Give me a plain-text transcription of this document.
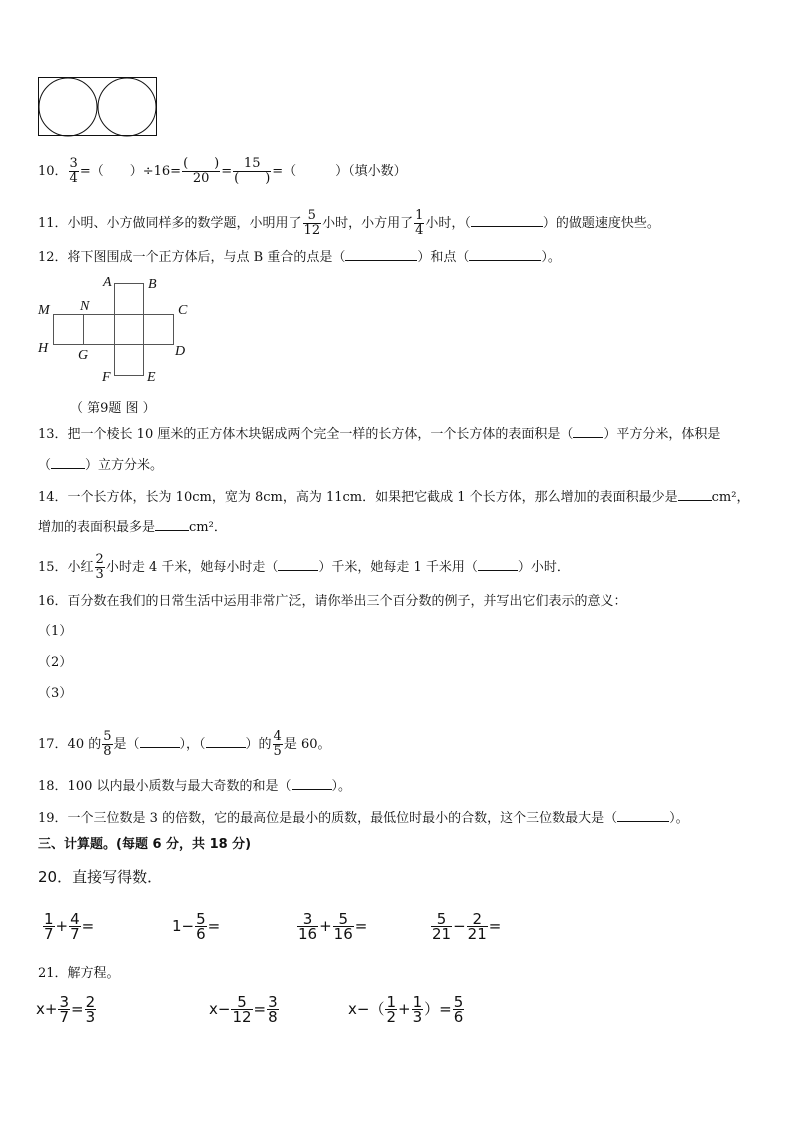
10． $\frac{3}{4}$ =（　　）$\div 16= \frac{( )}{20} = \frac{15}{( )}$ =（　　　）（填小数）
11．小明、小方做同样多的数学题，小明用了 $\frac{5}{12}$ 小时，小方用了 $\frac{1}{4}$ 小时，（	）的做题速度快些。
12．将下图围成一个正方体后，与点 B 重合的点是（	）和点（	）。
A	B
M N	C
H G	D
F	E
（ 第9题 图 ）
13．把一个棱长 10 厘米的正方体木块锯成两个完全一样的长方体，一个长方体的表面积是（ ）平方分米，体积是
（	）立方分米。
14．一个长方体，长为 10cm，宽为 8cm，高为 11cm．如果把它截成 1 个长方体，那么增加的表面积最少是	cm²，
增加的表面积最多是	cm²．
15．小红 $\frac{2}{3}$ 小时走 4 千米，她每小时走（	）千米，她每走 1 千米用（	）小时．
16．百分数在我们的日常生活中运用非常广泛，请你举出三个百分数的例子，并写出它们表示的意义：
（1）
（2）
（3）
17．40 的 $\frac{5}{8}$ 是（	），（	）的 $\frac{4}{5}$ 是 60。
18．100 以内最小质数与最大奇数的和是（	）。
19．一个三位数是 3 的倍数，它的最高位是最小的质数，最低位时最小的合数，这个三位数最大是（	）。
三、计算题。(每题 6 分，共 18 分)
20．直接写得数．
$\frac{1}{7} + \frac{4}{7}$ =	$1- \frac{5}{6}$ =	$\frac{3}{16} + \frac{5}{16}$ =	$\frac{5}{21} - \frac{2}{21}$ =
21．解方程。
$x+ \frac{3}{7} = \frac{2}{3}$	$x- \frac{5}{12} = \frac{3}{8}$	$x-( \frac{1}{2} + \frac{1}{3}$ ）= $\frac{5}{6}$
